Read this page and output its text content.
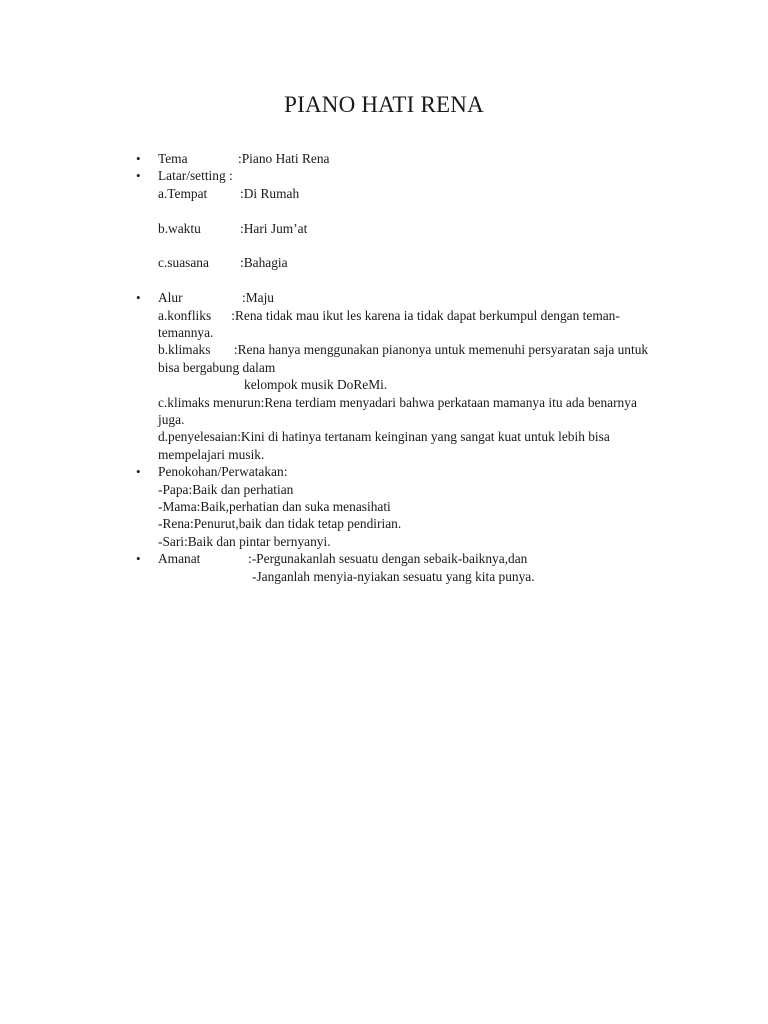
PIANO HATI RENA
• Tema	:Piano Hati Rena
• Latar/setting :
a.Tempat :Di Rumah
b.waktu	:Hari Jum’at
c.suasana :Bahagia
• Alur	:Maju
a.konfliks      :Rena tidak mau ikut les karena ia tidak dapat berkumpul dengan teman-temannya.
b.klimaks       :Rena hanya menggunakan pianonya untuk memenuhi persyaratan saja untuk bisa bergabung dalam
kelompok musik DoReMi.
c.klimaks menurun:Rena terdiam menyadari bahwa perkataan mamanya itu ada benarnya juga.
d.penyelesaian:Kini di hatinya tertanam keinginan yang sangat kuat untuk lebih bisa mempelajari musik.
• Penokohan/Perwatakan:
-Papa:Baik dan perhatian
-Mama:Baik,perhatian dan suka menasihati
-Rena:Penurut,baik dan tidak tetap pendirian.
-Sari:Baik dan pintar bernyanyi.
• Amanat	:-Pergunakanlah sesuatu dengan sebaik-baiknya,dan
-Janganlah menyia-nyiakan sesuatu yang kita punya.
